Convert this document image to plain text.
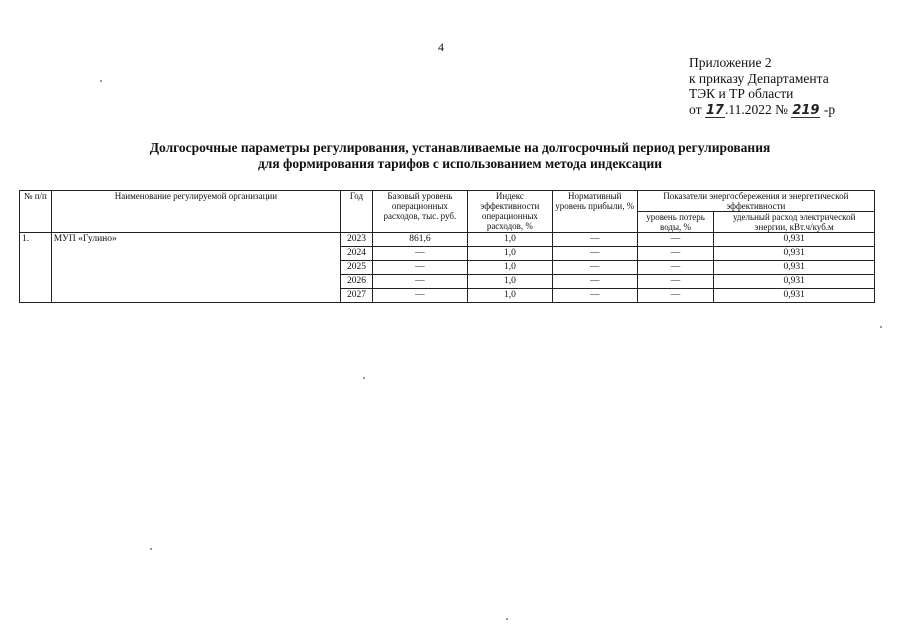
4
Приложение 2
к приказу Департамента
ТЭК и ТР области
от 17.11.2022 № 219 -р
Долгосрочные параметры регулирования, устанавливаемые на долгосрочный период регулирования
для формирования тарифов с использованием метода индексации
№ п/п	Наименование регулируемой организации	Год	Базовый уровень операционных расходов, тыс. руб.	Индекс эффективности операционных расходов, %	Нормативный уровень прибыли, %	Показатели энергосбережения и энергетической эффективности	
						уровень потерь воды, %	удельный расход электрической энергии, кВт.ч/куб.м
1.	МУП «Гулино»	2023	861,6	1,0	—	—	0,931
		2024	—	1,0	—	—	0,931
		2025	—	1,0	—	—	0,931
		2026	—	1,0	—	—	0,931
		2027	—	1,0	—	—	0,931
